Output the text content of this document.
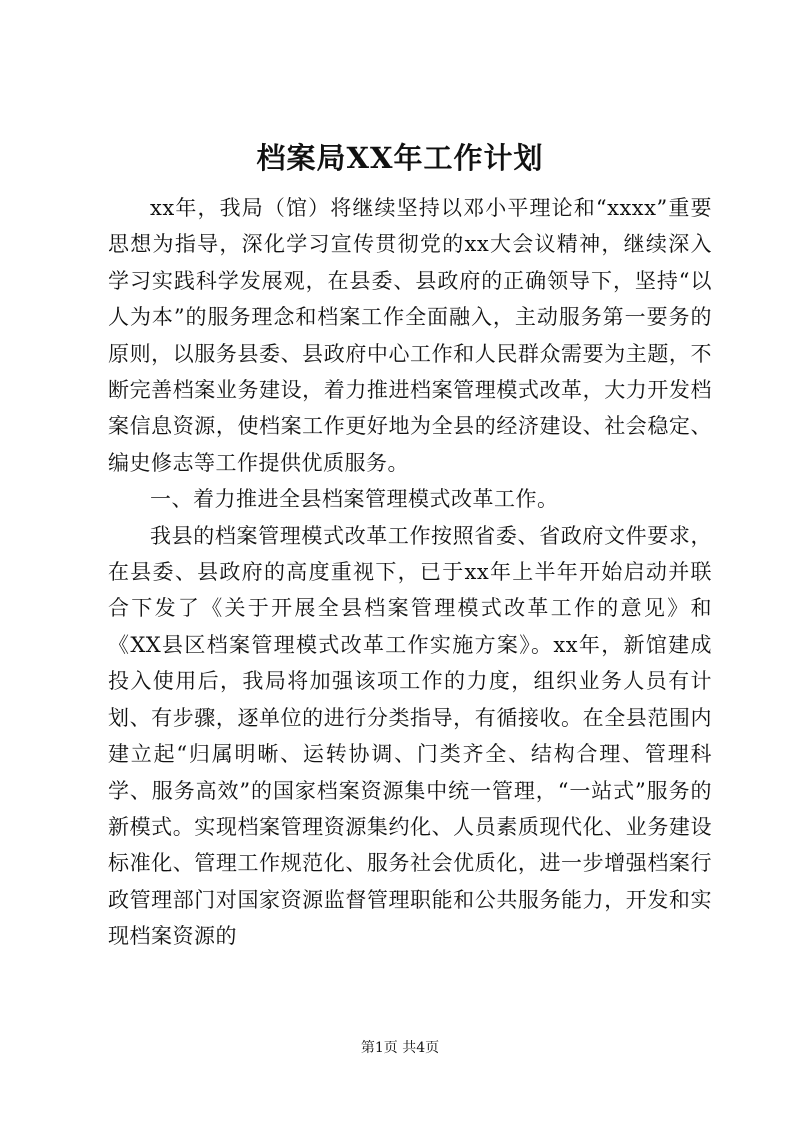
档案局XX年工作计划

xx年，我局（馆）将继续坚持以邓小平理论和“xxxx”重要思想为指导，深化学习宣传贯彻党的xx大会议精神，继续深入学习实践科学发展观，在县委、县政府的正确领导下，坚持“以人为本”的服务理念和档案工作全面融入，主动服务第一要务的原则，以服务县委、县政府中心工作和人民群众需要为主题，不断完善档案业务建设，着力推进档案管理模式改革，大力开发档案信息资源，使档案工作更好地为全县的经济建设、社会稳定、编史修志等工作提供优质服务。

一、着力推进全县档案管理模式改革工作。

我县的档案管理模式改革工作按照省委、省政府文件要求，在县委、县政府的高度重视下，已于xx年上半年开始启动并联合下发了《关于开展全县档案管理模式改革工作的意见》和《XX县区档案管理模式改革工作实施方案》。xx年，新馆建成投入使用后，我局将加强该项工作的力度，组织业务人员有计划、有步骤，逐单位的进行分类指导，有循接收。在全县范围内建立起“归属明晰、运转协调、门类齐全、结构合理、管理科学、服务高效”的国家档案资源集中统一管理，“一站式”服务的新模式。实现档案管理资源集约化、人员素质现代化、业务建设标准化、管理工作规范化、服务社会优质化，进一步增强档案行政管理部门对国家资源监督管理职能和公共服务能力，开发和实现档案资源的

第1页 共4页
